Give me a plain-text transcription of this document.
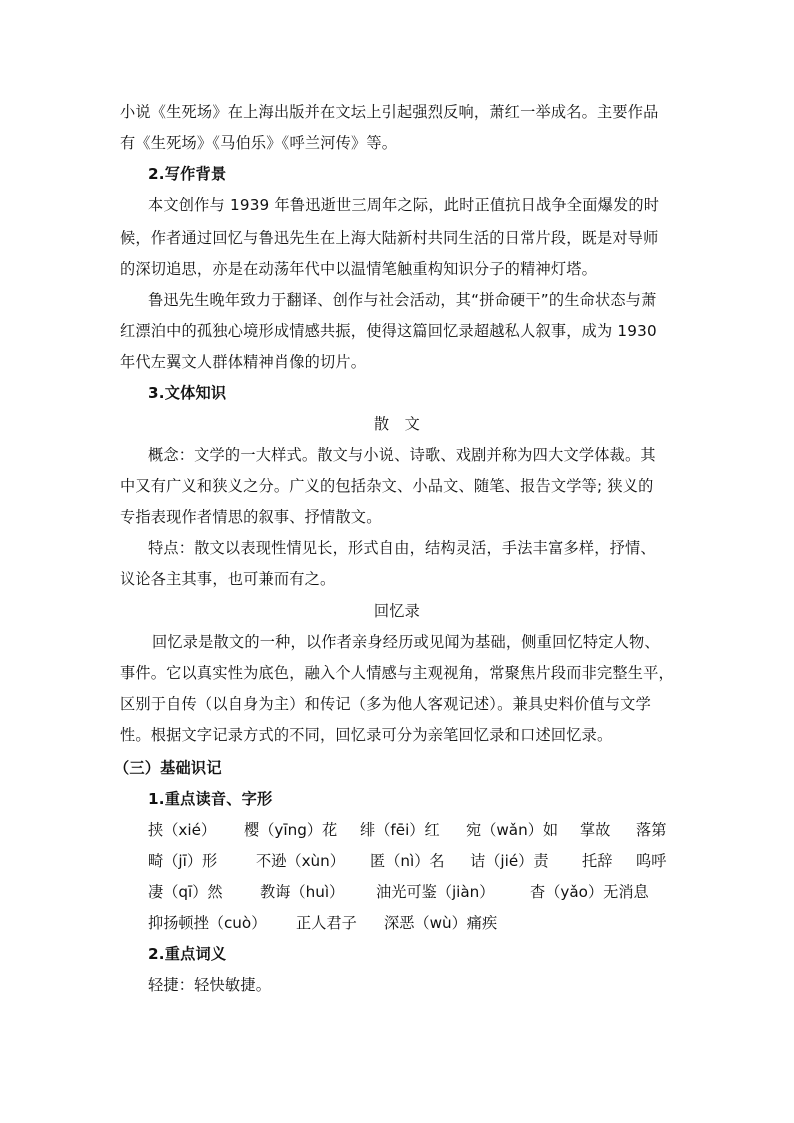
小说《生死场》在上海出版并在文坛上引起强烈反响，萧红一举成名。主要作品
有《生死场》《马伯乐》《呼兰河传》等。
2.写作背景
本文创作与 1939 年鲁迅逝世三周年之际，此时正值抗日战争全面爆发的时
候，作者通过回忆与鲁迅先生在上海大陆新村共同生活的日常片段，既是对导师
的深切追思，亦是在动荡年代中以温情笔触重构知识分子的精神灯塔。
鲁迅先生晚年致力于翻译、创作与社会活动，其“拼命硬干”的生命状态与萧
红漂泊中的孤独心境形成情感共振，使得这篇回忆录超越私人叙事，成为 1930
年代左翼文人群体精神肖像的切片。
3.文体知识
散　文
概念：文学的一大样式。散文与小说、诗歌、戏剧并称为四大文学体裁。其
中又有广义和狭义之分。广义的包括杂文、小品文、随笔、报告文学等; 狭义的
专指表现作者情思的叙事、抒情散文。
特点：散文以表现性情见长，形式自由，结构灵活，手法丰富多样，抒情、
议论各主其事，也可兼而有之。
回忆录
回忆录是散文的一种，以作者亲身经历或见闻为基础，侧重回忆特定人物、
事件。它以真实性为底色，融入个人情感与主观视角，常聚焦片段而非完整生平，
区别于自传（以自身为主）和传记（多为他人客观记述）。兼具史料价值与文学
性。根据文字记录方式的不同，回忆录可分为亲笔回忆录和口述回忆录。
（三）基础识记
1.重点读音、字形
挟（xié） 樱（yīng）花 绯（fēi）红 宛（wǎn）如 掌故 落第
畸（jī）形	不逊（xùn） 匿（nì）名 诘（jié）责 托辞 呜呼
凄（qī）然 教诲（huì） 油光可鉴（jiàn） 杳（yǎo）无消息
抑扬顿挫（cuò） 正人君子 深恶（wù）痛疾
2.重点词义
轻捷：轻快敏捷。
